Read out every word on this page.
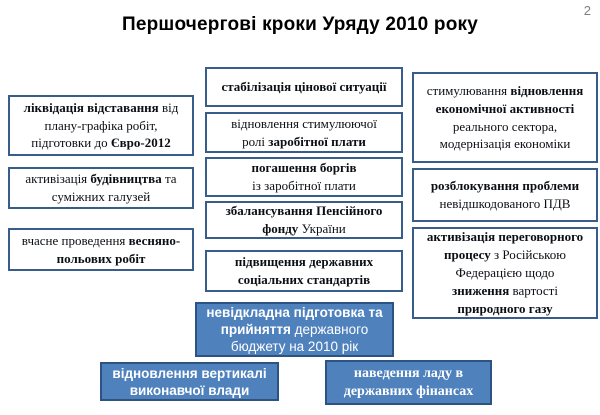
2
Першочергові кроки Уряду 2010 року
ліквідація відставання від
плану-графіка робіт,
підготовки до Євро-2012
активізація будівництва та
суміжних галузей
вчасне проведення весняно-
польових робіт
стабілізація цінової ситуації
відновлення стимулюючої
ролі заробітної плати
погашення боргів
із заробітної плати
збалансування Пенсійного
фонду України
підвищення державних
соціальних стандартів
стимулювання відновлення
економічної активності
реального сектора,
модернізація економіки
розблокування проблеми
невідшкодованого ПДВ
активізація переговорного
процесу з Російською
Федерацією щодо
зниження вартості
природного газу
невідкладна підготовка та
прийняття державного
бюджету на 2010 рік
відновлення вертикалі
виконавчої влади
наведення ладу в
державних фінансах
